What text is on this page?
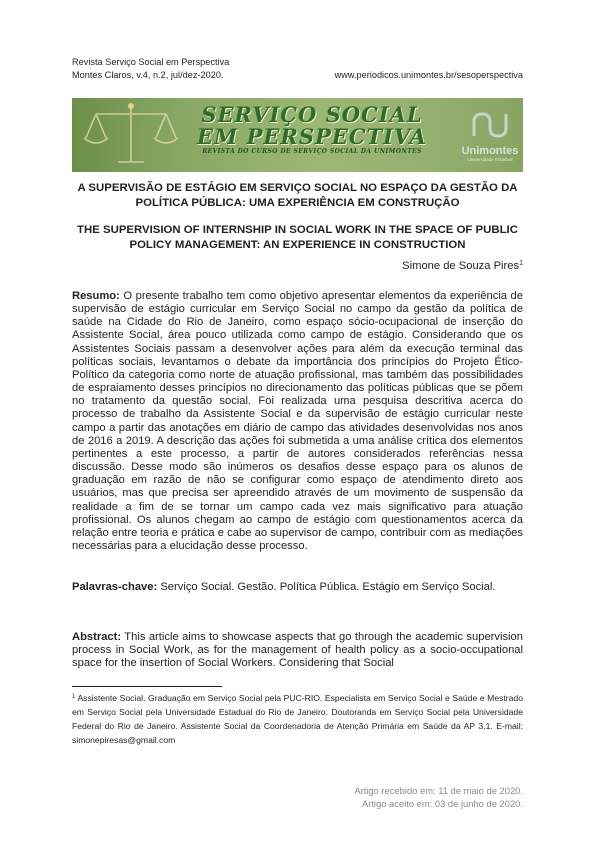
Revista Serviço Social em Perspectiva
Montes Claros, v.4, n.2, jul/dez-2020.	www.periodicos.unimontes.br/sesoperspectiva
SERVIÇO SOCIAL
EM PERSPECTIVA
REVISTA DO CURSO DE SERVIÇO SOCIAL DA UNIMONTES	Unimontes
Universidade Estadual
A SUPERVISÃO DE ESTÁGIO EM SERVIÇO SOCIAL NO ESPAÇO DA GESTÃO DA POLÍTICA PÚBLICA: UMA EXPERIÊNCIA EM CONSTRUÇÃO
THE SUPERVISION OF INTERNSHIP IN SOCIAL WORK IN THE SPACE OF PUBLIC POLICY MANAGEMENT: AN EXPERIENCE IN CONSTRUCTION
Simone de Souza Pires$^1$
Resumo: O presente trabalho tem como objetivo apresentar elementos da experiência de supervisão de estágio curricular em Serviço Social no campo da gestão da política de saúde na Cidade do Rio de Janeiro, como espaço sócio-ocupacional de inserção do Assistente Social, área pouco utilizada como campo de estágio. Considerando que os Assistentes Sociais passam a desenvolver ações para além da execução terminal das políticas sociais, levantamos o debate da importância dos princípios do Projeto Ético-Político da categoria como norte de atuação profissional, mas também das possibilidades de espraiamento desses princípios no direcionamento das políticas públicas que se põem no tratamento da questão social. Foi realizada uma pesquisa descritiva acerca do processo de trabalho da Assistente Social e da supervisão de estágio curricular neste campo a partir das anotações em diário de campo das atividades desenvolvidas nos anos de 2016 a 2019. A descrição das ações foi submetida a uma análise crítica dos elementos pertinentes a este processo, a partir de autores considerados referências nessa discussão. Desse modo são inúmeros os desafios desse espaço para os alunos de graduação em razão de não se configurar como espaço de atendimento direto aos usuários, mas que precisa ser apreendido através de um movimento de suspensão da realidade a fim de se tornar um campo cada vez mais significativo para atuação profissional. Os alunos chegam ao campo de estágio com questionamentos acerca da relação entre teoria e prática e cabe ao supervisor de campo, contribuir com as mediações necessárias para a elucidação desse processo.
Palavras-chave: Serviço Social. Gestão. Política Pública. Estágio em Serviço Social.
Abstract: This article aims to showcase aspects that go through the academic supervision process in Social Work, as for the management of health policy as a socio-occupational space for the insertion of Social Workers. Considering that Social
$^1$ Assistente Social. Graduação em Serviço Social pela PUC-RIO. Especialista em Serviço Social e Saúde e Mestrado em Serviço Social pela Universidade Estadual do Rio de Janeiro. Doutoranda em Serviço Social pela Universidade Federal do Rio de Janeiro. Assistente Social da Coordenadoria de Atenção Primária em Saúde da AP 3.1. E-mail: simonepiresas@gmail.com
Artigo recebido em: 11 de maio de 2020.
Artigo aceito em: 03 de junho de 2020.
